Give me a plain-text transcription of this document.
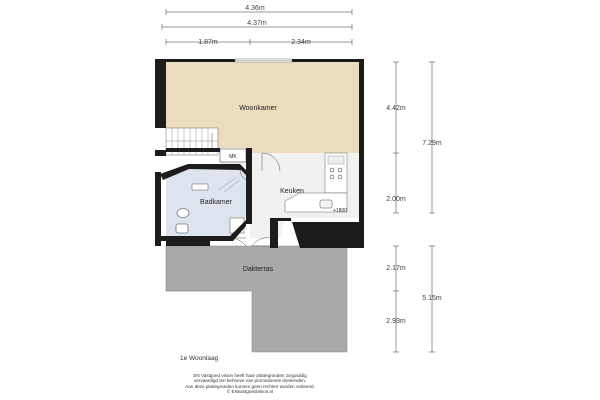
4.36m
4.37m
1.87m	2.34m
4.42m
2.00m
7.29m
2.17m
2.93m
5.15m
Woonkamer
Keuken
Badkamer
Dakterras
MK
+1800
1e Woonlaag
EN Vastgoed vision heeft haar plattegronden zorgvuldig
vervaardigd ten behoeve van promotionele doeleinden.
Aan deze plattegronden kunnen geen rechten worden ontleend.
© ENvastgoedvision.nl
